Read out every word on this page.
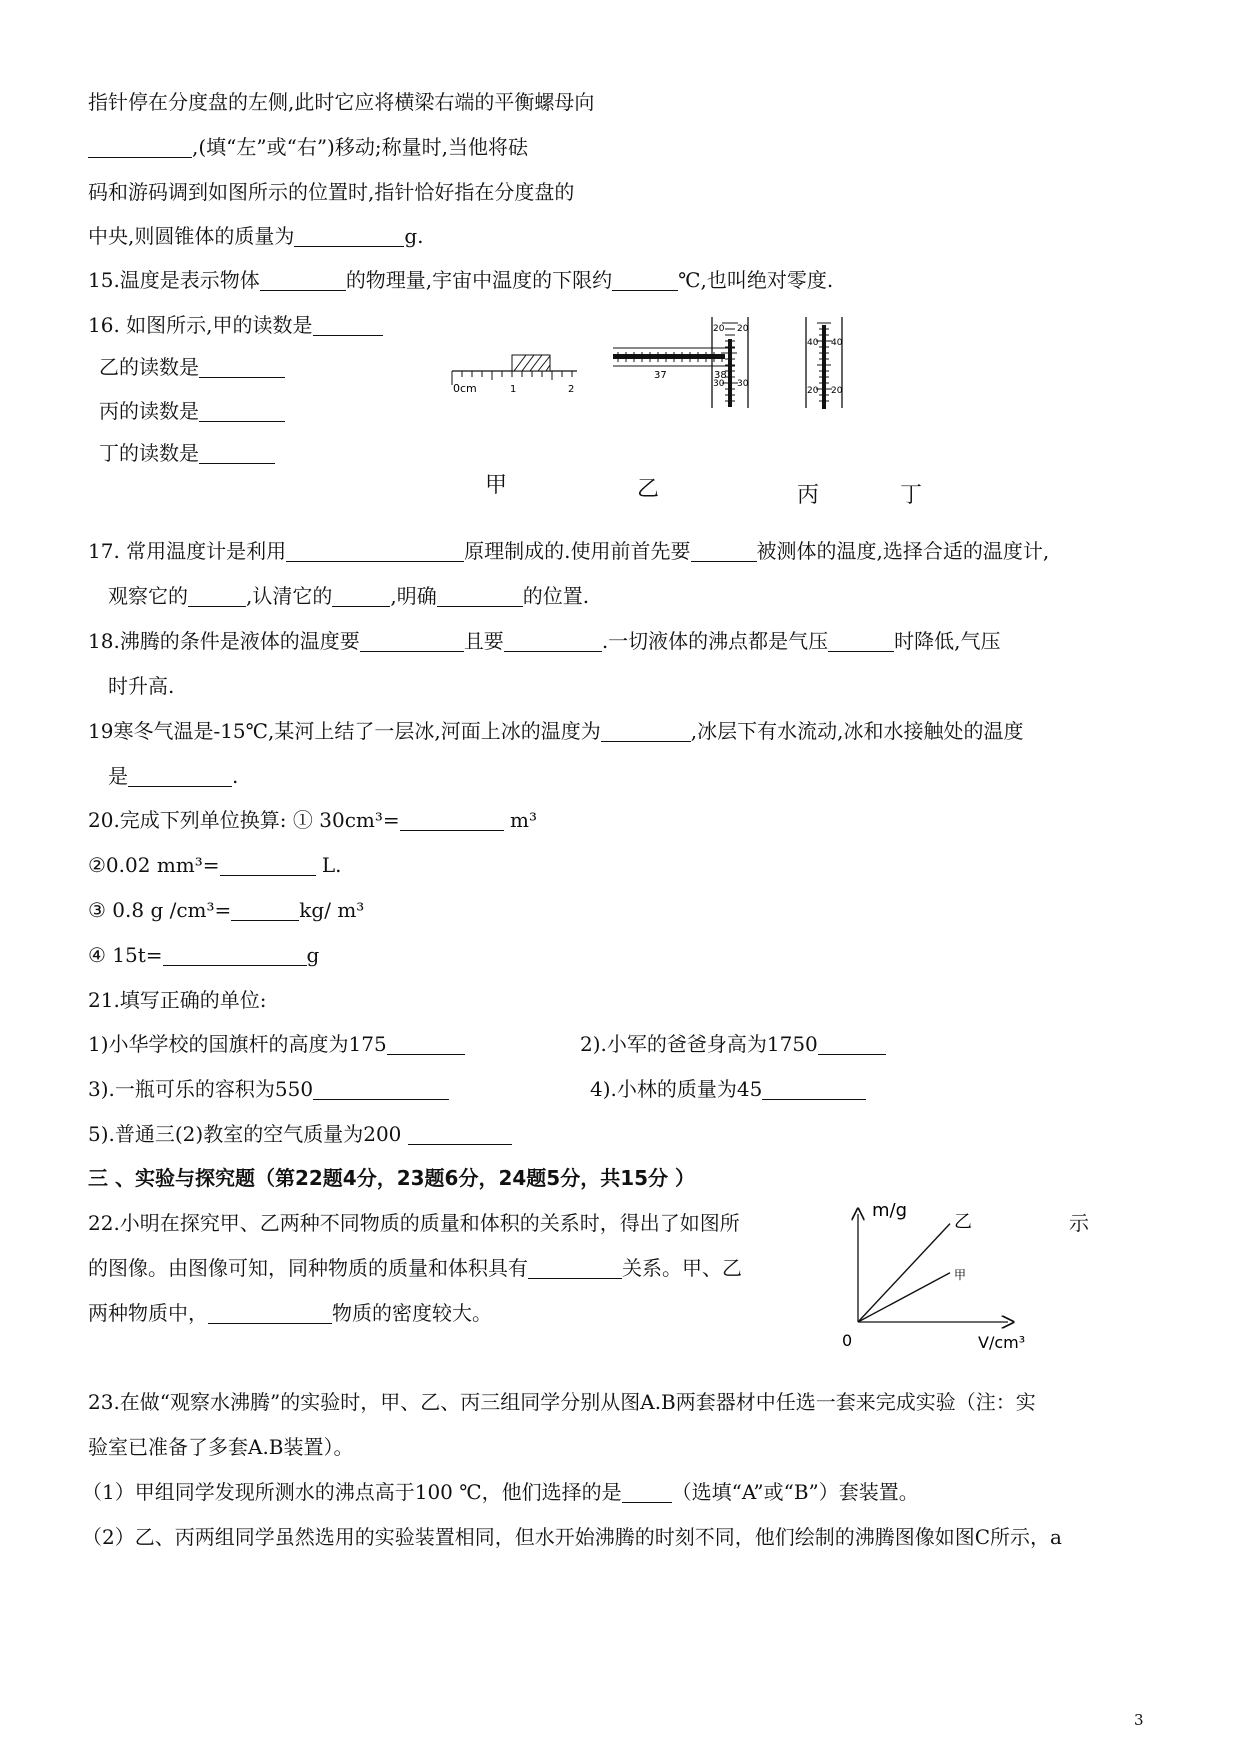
指针停在分度盘的左侧,此时它应将横梁右端的平衡螺母向
,(填“左”或“右”)移动;称量时,当他将砝
码和游码调到如图所示的位置时,指针恰好指在分度盘的
中央,则圆锥体的质量为	g.
15.温度是表示物体	的物理量,宇宙中温度的下限约	℃,也叫绝对零度.
16. 如图所示,甲的读数是
乙的读数是
丙的读数是
丁的读数是
0cm	1	2
37	38
20 20
30 30
40 40
20 20
甲	乙	丙	丁
17. 常用温度计是利用	原理制成的.使用前首先要	被测体的温度,选择合适的温度计,
观察它的	,认清它的	,明确	的位置.
18.沸腾的条件是液体的温度要	且要	.一切液体的沸点都是气压	时降低,气压
时升高.
19寒冬气温是-15℃,某河上结了一层冰,河面上冰的温度为	,冰层下有水流动,冰和水接触处的温度
是	.
20.完成下列单位换算: ① 30cm³=	m³
②0.02 mm³=	L.
③ 0.8 g /cm³=	kg/ m³
④ 15t=	g
21.填写正确的单位:
1)小华学校的国旗杆的高度为175	2).小军的爸爸身高为1750
3).一瓶可乐的容积为550	4).小林的质量为45
5).普通三(2)教室的空气质量为200
三 、实验与探究题（第22题4分，23题6分，24题5分，共15分 ）
22.小明在探究甲、乙两种不同物质的质量和体积的关系时，得出了如图所	示
的图像。由图像可知，同种物质的质量和体积具有	关系。甲、乙
两种物质中，	物质的密度较大。
m/g
V/cm³
0
乙
甲
23.在做“观察水沸腾”的实验时，甲、乙、丙三组同学分别从图A.B两套器材中任选一套来完成实验（注：实
验室已准备了多套A.B装置）。
（1）甲组同学发现所测水的沸点高于100 ℃，他们选择的是	（选填“A”或“B”）套装置。
（2）乙、丙两组同学虽然选用的实验装置相同，但水开始沸腾的时刻不同，他们绘制的沸腾图像如图C所示，a
3
